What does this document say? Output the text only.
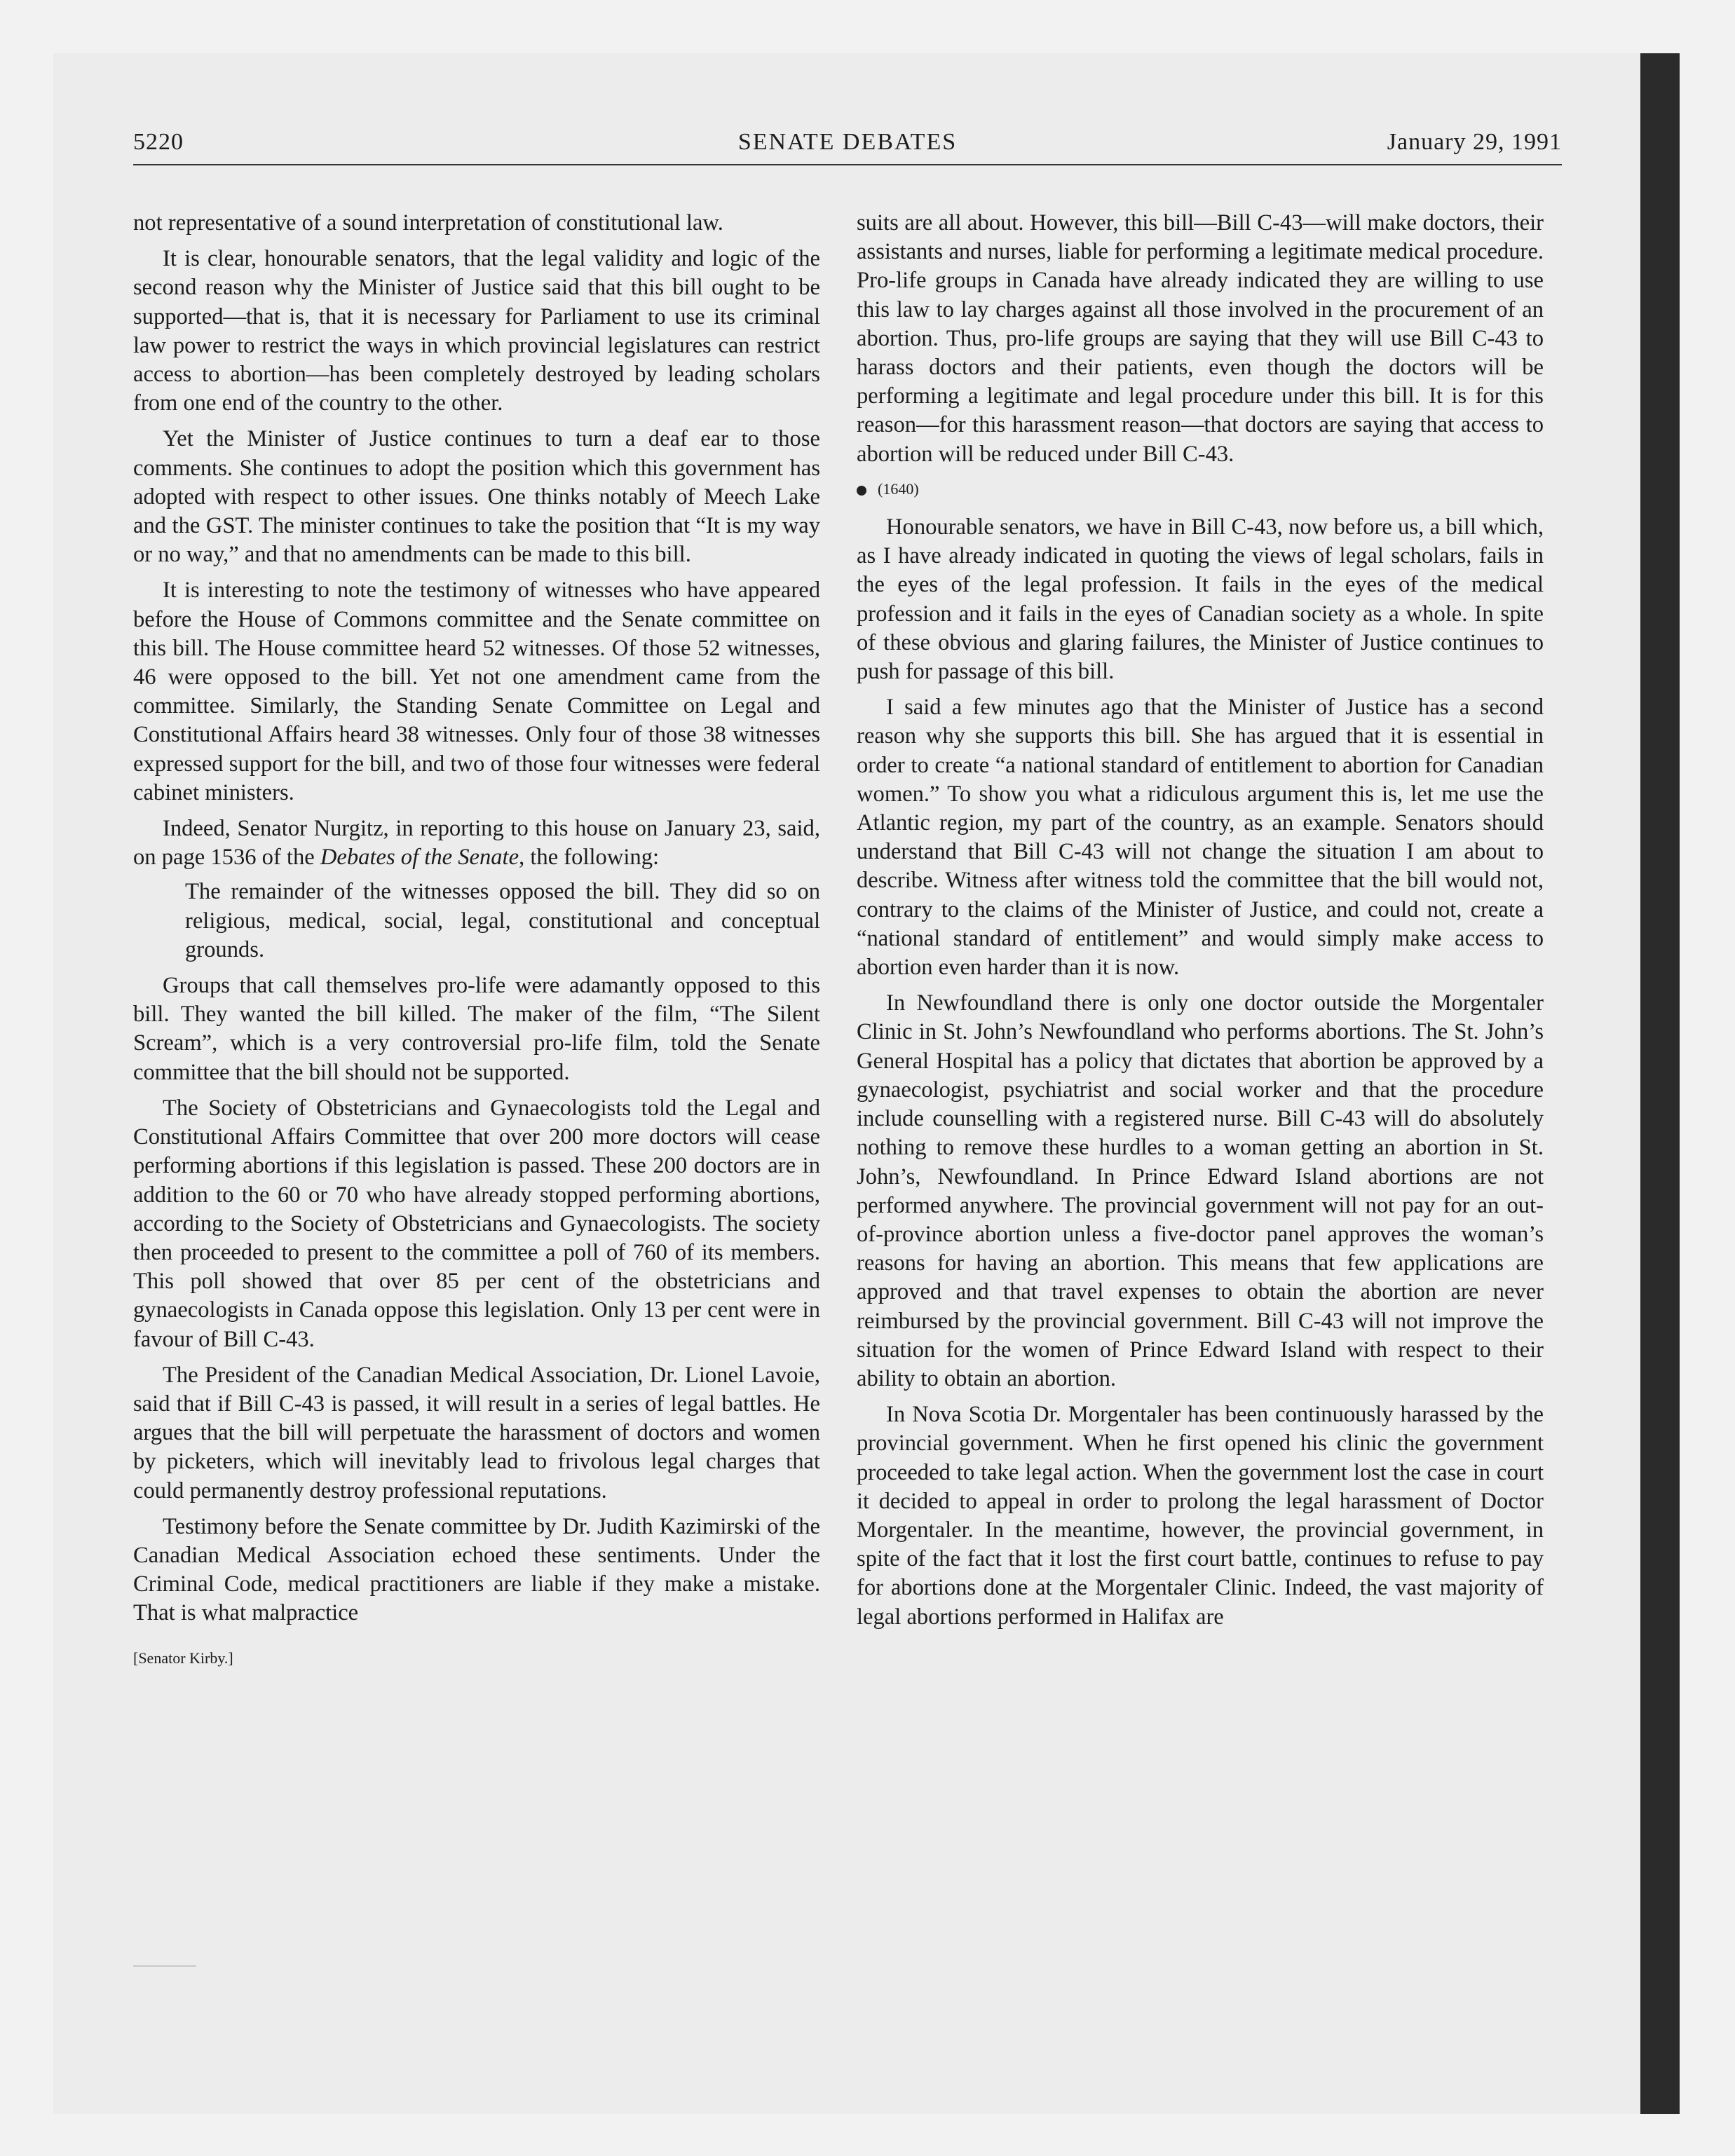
5220	SENATE DEBATES	January 29, 1991

not representative of a sound interpretation of constitutional law.

It is clear, honourable senators, that the legal validity and logic of the second reason why the Minister of Justice said that this bill ought to be supported—that is, that it is necessary for Parliament to use its criminal law power to restrict the ways in which provincial legislatures can restrict access to abortion—has been completely destroyed by leading scholars from one end of the country to the other.

Yet the Minister of Justice continues to turn a deaf ear to those comments. She continues to adopt the position which this government has adopted with respect to other issues. One thinks notably of Meech Lake and the GST. The minister continues to take the position that “It is my way or no way,” and that no amendments can be made to this bill.

It is interesting to note the testimony of witnesses who have appeared before the House of Commons committee and the Senate committee on this bill. The House committee heard 52 witnesses. Of those 52 witnesses, 46 were opposed to the bill. Yet not one amendment came from the committee. Similarly, the Standing Senate Committee on Legal and Constitutional Affairs heard 38 witnesses. Only four of those 38 witnesses expressed support for the bill, and two of those four witnesses were federal cabinet ministers.

Indeed, Senator Nurgitz, in reporting to this house on January 23, said, on page 1536 of the Debates of the Senate, the following:

The remainder of the witnesses opposed the bill. They did so on religious, medical, social, legal, constitutional and conceptual grounds.

Groups that call themselves pro-life were adamantly opposed to this bill. They wanted the bill killed. The maker of the film, “The Silent Scream”, which is a very controversial pro-life film, told the Senate committee that the bill should not be supported.

The Society of Obstetricians and Gynaecologists told the Legal and Constitutional Affairs Committee that over 200 more doctors will cease performing abortions if this legislation is passed. These 200 doctors are in addition to the 60 or 70 who have already stopped performing abortions, according to the Society of Obstetricians and Gynaecologists. The society then proceeded to present to the committee a poll of 760 of its members. This poll showed that over 85 per cent of the obstetricians and gynaecologists in Canada oppose this legislation. Only 13 per cent were in favour of Bill C-43.

The President of the Canadian Medical Association, Dr. Lionel Lavoie, said that if Bill C-43 is passed, it will result in a series of legal battles. He argues that the bill will perpetuate the harassment of doctors and women by picketers, which will inevitably lead to frivolous legal charges that could permanently destroy professional reputations.

Testimony before the Senate committee by Dr. Judith Kazimirski of the Canadian Medical Association echoed these sentiments. Under the Criminal Code, medical practitioners are liable if they make a mistake. That is what malpractice

[Senator Kirby.]

suits are all about. However, this bill—Bill C-43—will make doctors, their assistants and nurses, liable for performing a legitimate medical procedure. Pro-life groups in Canada have already indicated they are willing to use this law to lay charges against all those involved in the procurement of an abortion. Thus, pro-life groups are saying that they will use Bill C-43 to harass doctors and their patients, even though the doctors will be performing a legitimate and legal procedure under this bill. It is for this reason—for this harassment reason—that doctors are saying that access to abortion will be reduced under Bill C-43.

(1640)

Honourable senators, we have in Bill C-43, now before us, a bill which, as I have already indicated in quoting the views of legal scholars, fails in the eyes of the legal profession. It fails in the eyes of the medical profession and it fails in the eyes of Canadian society as a whole. In spite of these obvious and glaring failures, the Minister of Justice continues to push for passage of this bill.

I said a few minutes ago that the Minister of Justice has a second reason why she supports this bill. She has argued that it is essential in order to create “a national standard of entitlement to abortion for Canadian women.” To show you what a ridiculous argument this is, let me use the Atlantic region, my part of the country, as an example. Senators should understand that Bill C-43 will not change the situation I am about to describe. Witness after witness told the committee that the bill would not, contrary to the claims of the Minister of Justice, and could not, create a “national standard of entitlement” and would simply make access to abortion even harder than it is now.

In Newfoundland there is only one doctor outside the Morgentaler Clinic in St. John’s Newfoundland who performs abortions. The St. John’s General Hospital has a policy that dictates that abortion be approved by a gynaecologist, psychiatrist and social worker and that the procedure include counselling with a registered nurse. Bill C-43 will do absolutely nothing to remove these hurdles to a woman getting an abortion in St. John’s, Newfoundland. In Prince Edward Island abortions are not performed anywhere. The provincial government will not pay for an out-of-province abortion unless a five-doctor panel approves the woman’s reasons for having an abortion. This means that few applications are approved and that travel expenses to obtain the abortion are never reimbursed by the provincial government. Bill C-43 will not improve the situation for the women of Prince Edward Island with respect to their ability to obtain an abortion.

In Nova Scotia Dr. Morgentaler has been continuously harassed by the provincial government. When he first opened his clinic the government proceeded to take legal action. When the government lost the case in court it decided to appeal in order to prolong the legal harassment of Doctor Morgentaler. In the meantime, however, the provincial government, in spite of the fact that it lost the first court battle, continues to refuse to pay for abortions done at the Morgentaler Clinic. Indeed, the vast majority of legal abortions performed in Halifax are
